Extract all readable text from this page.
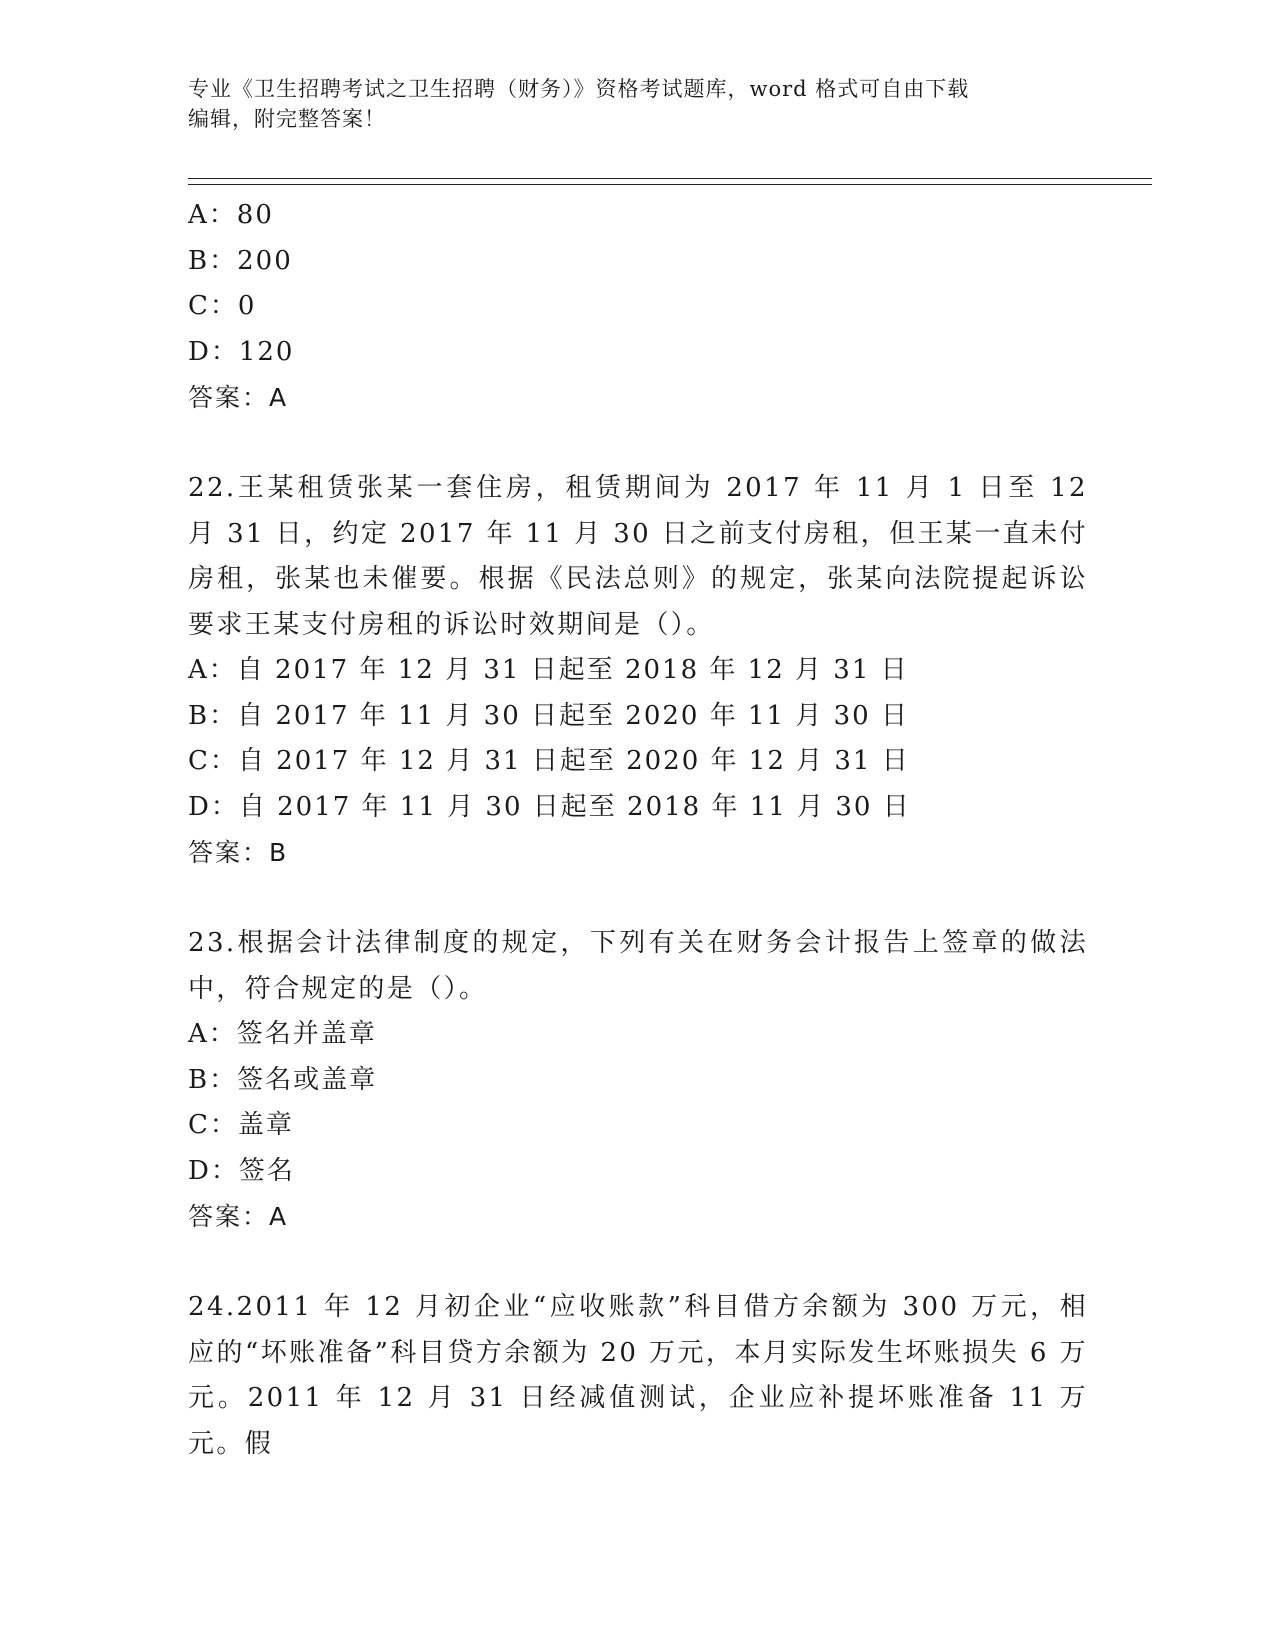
专业《卫生招聘考试之卫生招聘（财务）》资格考试题库，word 格式可自由下载
编辑，附完整答案！
A：80
B：200
C：0
D：120
答案：A
22.王某租赁张某一套住房，租赁期间为 2017 年 11 月 1 日至 12 月 31 日，约定 2017 年 11 月 30 日之前支付房租，但王某一直未付房租，张某也未催要。根据《民法总则》的规定，张某向法院提起诉讼要求王某支付房租的诉讼时效期间是（）。
A：自 2017 年 12 月 31 日起至 2018 年 12 月 31 日
B：自 2017 年 11 月 30 日起至 2020 年 11 月 30 日
C：自 2017 年 12 月 31 日起至 2020 年 12 月 31 日
D：自 2017 年 11 月 30 日起至 2018 年 11 月 30 日
答案：B
23.根据会计法律制度的规定，下列有关在财务会计报告上签章的做法中，符合规定的是（）。
A：签名并盖章
B：签名或盖章
C：盖章
D：签名
答案：A
24.2011 年 12 月初企业“应收账款”科目借方余额为 300 万元，相应的“坏账准备”科目贷方余额为 20 万元，本月实际发生坏账损失 6 万元。2011 年 12 月 31 日经减值测试，企业应补提坏账准备 11 万元。假
